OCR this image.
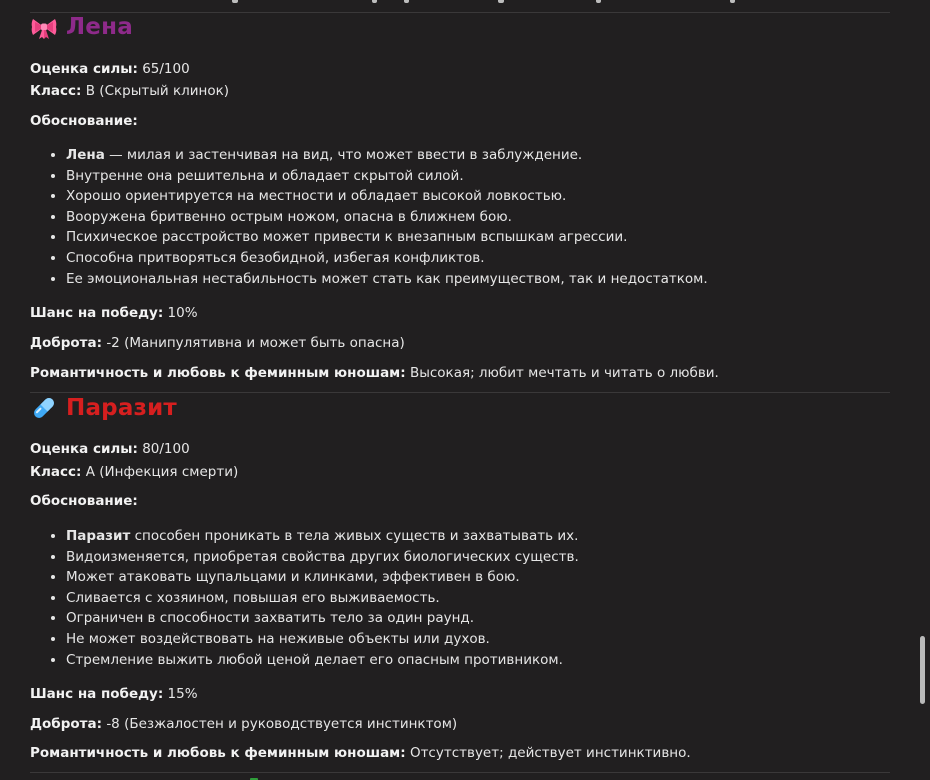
Лена
Оценка силы: 65/100
Класс: B (Скрытый клинок)
Обоснование:
• Лена — милая и застенчивая на вид, что может ввести в заблуждение.
• Внутренне она решительна и обладает скрытой силой.
• Хорошо ориентируется на местности и обладает высокой ловкостью.
• Вооружена бритвенно острым ножом, опасна в ближнем бою.
• Психическое расстройство может привести к внезапным вспышкам агрессии.
• Способна притворяться безобидной, избегая конфликтов.
• Ее эмоциональная нестабильность может стать как преимуществом, так и недостатком.
Шанс на победу: 10%
Доброта: -2 (Манипулятивна и может быть опасна)
Романтичность и любовь к феминным юношам: Высокая; любит мечтать и читать о любви.
Паразит
Оценка силы: 80/100
Класс: A (Инфекция смерти)
Обоснование:
• Паразит способен проникать в тела живых существ и захватывать их.
• Видоизменяется, приобретая свойства других биологических существ.
• Может атаковать щупальцами и клинками, эффективен в бою.
• Сливается с хозяином, повышая его выживаемость.
• Ограничен в способности захватить тело за один раунд.
• Не может воздействовать на неживые объекты или духов.
• Стремление выжить любой ценой делает его опасным противником.
Шанс на победу: 15%
Доброта: -8 (Безжалостен и руководствуется инстинктом)
Романтичность и любовь к феминным юношам: Отсутствует; действует инстинктивно.
